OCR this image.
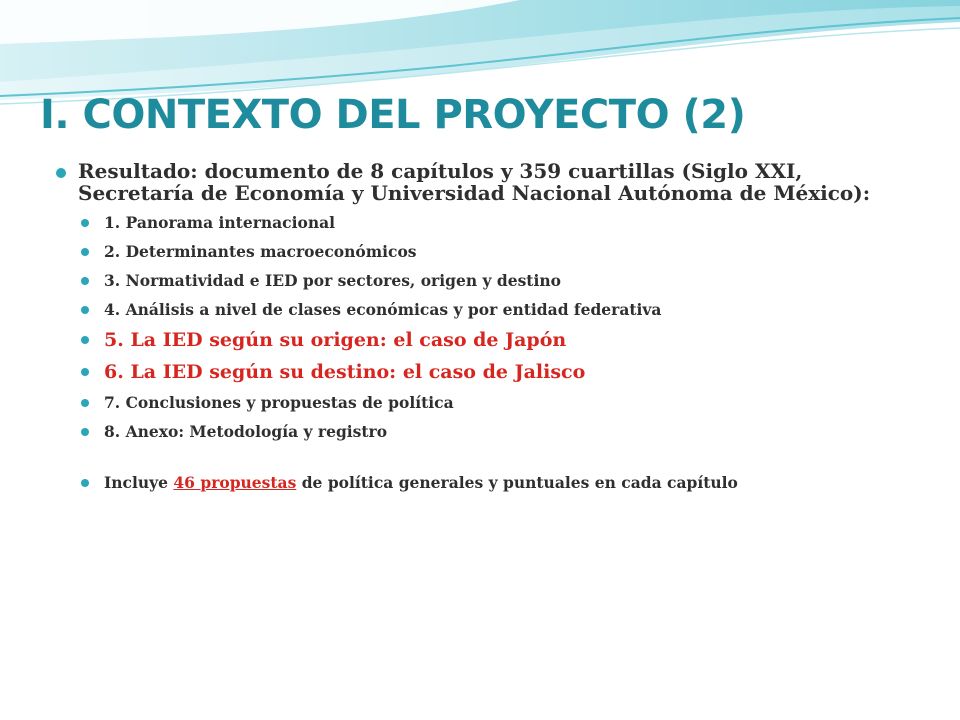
I. CONTEXTO DEL PROYECTO (2)
Resultado: documento de 8 capítulos y 359 cuartillas (Siglo XXI, Secretaría de Economía y Universidad Nacional Autónoma de México):
1. Panorama internacional
2. Determinantes macroeconómicos
3. Normatividad e IED por sectores, origen y destino
4. Análisis a nivel de clases económicas y por entidad federativa
5. La IED según su origen: el caso de Japón
6. La IED según su destino: el caso de Jalisco
7. Conclusiones y propuestas de política
8. Anexo: Metodología y registro
Incluye 46 propuestas de política generales y puntuales en cada capítulo
